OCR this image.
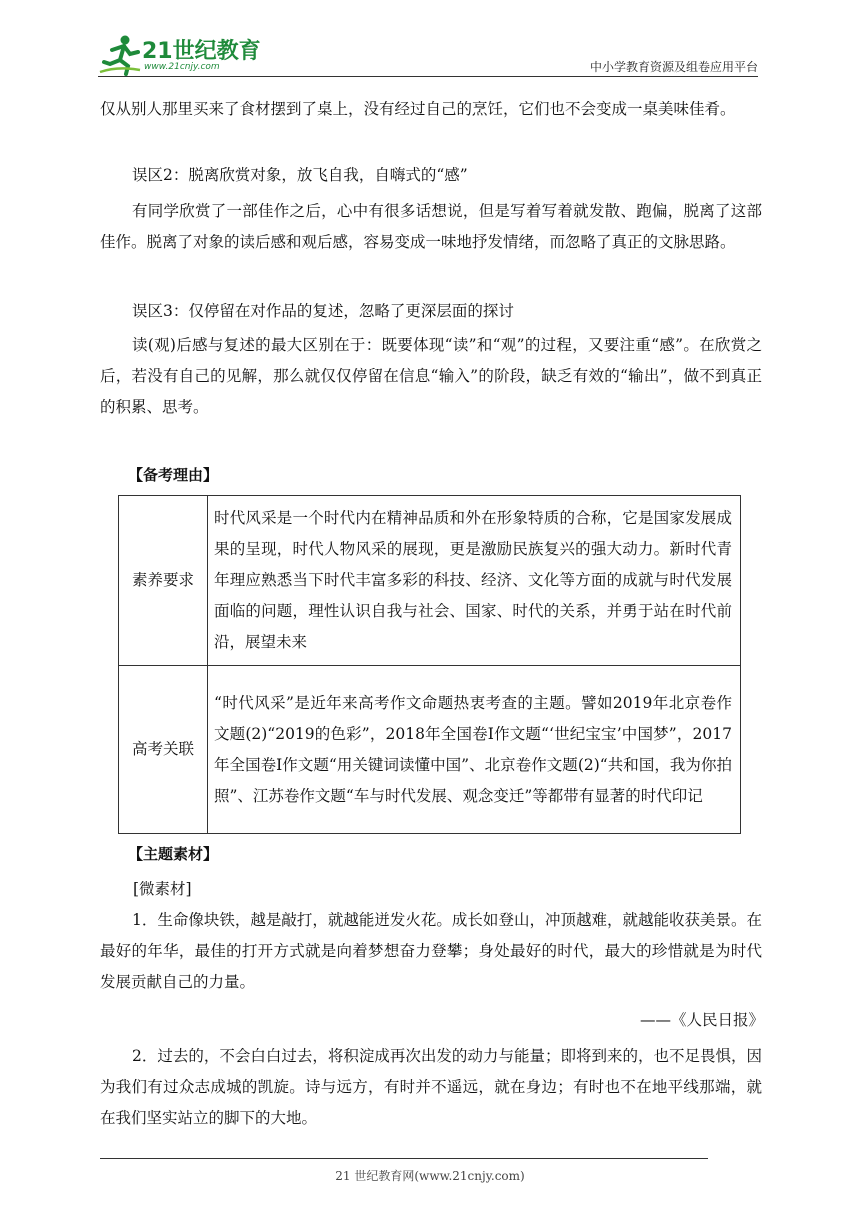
21世纪教育
www.21cnjy.com	中小学教育资源及组卷应用平台

仅从别人那里买来了食材摆到了桌上，没有经过自己的烹饪，它们也不会变成一桌美味佳肴。

误区2：脱离欣赏对象，放飞自我，自嗨式的“感”

有同学欣赏了一部佳作之后，心中有很多话想说，但是写着写着就发散、跑偏，脱离了这部佳作。脱离了对象的读后感和观后感，容易变成一味地抒发情绪，而忽略了真正的文脉思路。

误区3：仅停留在对作品的复述，忽略了更深层面的探讨

读(观)后感与复述的最大区别在于：既要体现“读”和“观”的过程，又要注重“感”。在欣赏之后，若没有自己的见解，那么就仅仅停留在信息“输入”的阶段，缺乏有效的“输出”，做不到真正的积累、思考。

【备考理由】

素养要求	时代风采是一个时代内在精神品质和外在形象特质的合称，它是国家发展成果的呈现，时代人物风采的展现，更是激励民族复兴的强大动力。新时代青年理应熟悉当下时代丰富多彩的科技、经济、文化等方面的成就与时代发展面临的问题，理性认识自我与社会、国家、时代的关系，并勇于站在时代前沿，展望未来
高考关联	“时代风采”是近年来高考作文命题热衷考查的主题。譬如2019年北京卷作文题(2)“2019的色彩”，2018年全国卷Ⅰ作文题“‘世纪宝宝’中国梦”，2017年全国卷Ⅰ作文题“用关键词读懂中国”、北京卷作文题(2)“共和国，我为你拍照”、江苏卷作文题“车与时代发展、观念变迁”等都带有显著的时代印记

【主题素材】

[微素材]

1．生命像块铁，越是敲打，就越能迸发火花。成长如登山，冲顶越难，就越能收获美景。在最好的年华，最佳的打开方式就是向着梦想奋力登攀；身处最好的时代，最大的珍惜就是为时代发展贡献自己的力量。

——《人民日报》

2．过去的，不会白白过去，将积淀成再次出发的动力与能量；即将到来的，也不足畏惧，因为我们有过众志成城的凯旋。诗与远方，有时并不遥远，就在身边；有时也不在地平线那端，就在我们坚实站立的脚下的大地。

21 世纪教育网(www.21cnjy.com)
